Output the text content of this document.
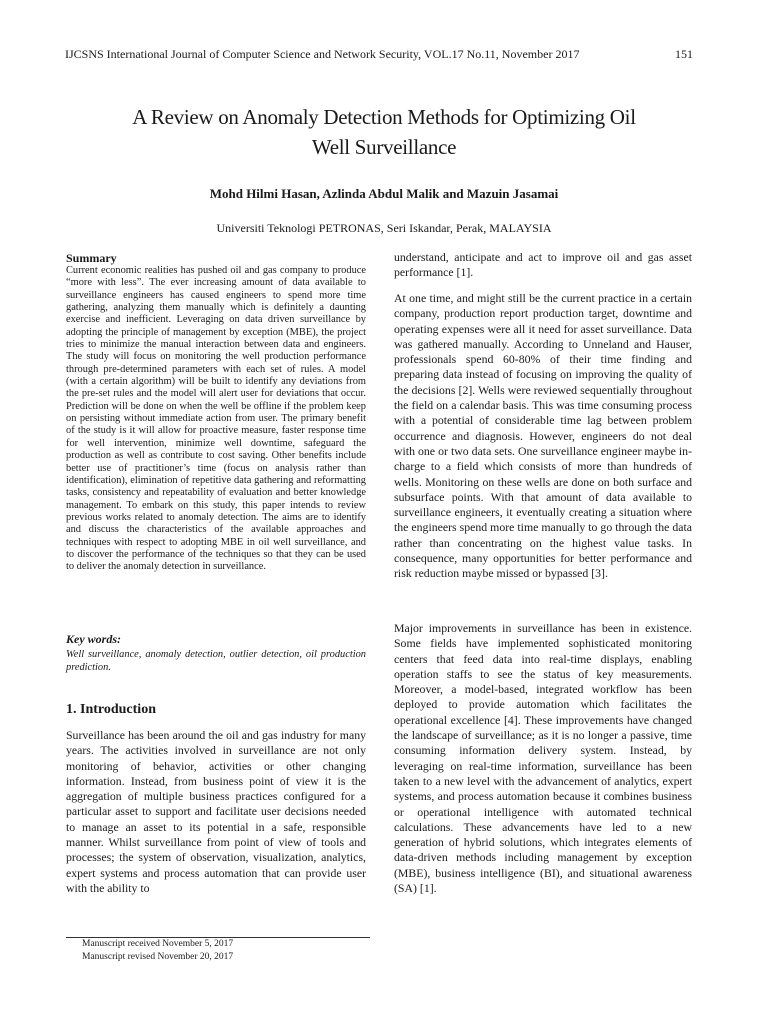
IJCSNS International Journal of Computer Science and Network Security, VOL.17 No.11, November 2017	151
A Review on Anomaly Detection Methods for Optimizing Oil
Well Surveillance
Mohd Hilmi Hasan, Azlinda Abdul Malik and Mazuin Jasamai
Universiti Teknologi PETRONAS, Seri Iskandar, Perak, MALAYSIA
Summary

Current economic realities has pushed oil and gas company to produce “more with less”. The ever increasing amount of data available to surveillance engineers has caused engineers to spend more time gathering, analyzing them manually which is definitely a daunting exercise and inefficient. Leveraging on data driven surveillance by adopting the principle of management by exception (MBE), the project tries to minimize the manual interaction between data and engineers. The study will focus on monitoring the well production performance through pre-determined parameters with each set of rules. A model (with a certain algorithm) will be built to identify any deviations from the pre-set rules and the model will alert user for deviations that occur. Prediction will be done on when the well be offline if the problem keep on persisting without immediate action from user. The primary benefit of the study is it will allow for proactive measure, faster response time for well intervention, minimize well downtime, safeguard the production as well as contribute to cost saving. Other benefits include better use of practitioner’s time (focus on analysis rather than identification), elimination of repetitive data gathering and reformatting tasks, consistency and repeatability of evaluation and better knowledge management. To embark on this study, this paper intends to review previous works related to anomaly detection. The aims are to identify and discuss the characteristics of the available approaches and techniques with respect to adopting MBE in oil well surveillance, and to discover the performance of the techniques so that they can be used to deliver the anomaly detection in surveillance.

Key words:

Well surveillance, anomaly detection, outlier detection, oil production prediction.

1. Introduction

Surveillance has been around the oil and gas industry for many years. The activities involved in surveillance are not only monitoring of behavior, activities or other changing information. Instead, from business point of view it is the aggregation of multiple business practices configured for a particular asset to support and facilitate user decisions needed to manage an asset to its potential in a safe, responsible manner. Whilst surveillance from point of view of tools and processes; the system of observation, visualization, analytics, expert systems and process automation that can provide user with the ability to

Manuscript received November 5, 2017
Manuscript revised November 20, 2017

understand, anticipate and act to improve oil and gas asset performance [1].

At one time, and might still be the current practice in a certain company, production report production target, downtime and operating expenses were all it need for asset surveillance. Data was gathered manually. According to Unneland and Hauser, professionals spend 60-80% of their time finding and preparing data instead of focusing on improving the quality of the decisions [2]. Wells were reviewed sequentially throughout the field on a calendar basis. This was time consuming process with a potential of considerable time lag between problem occurrence and diagnosis. However, engineers do not deal with one or two data sets. One surveillance engineer maybe in-charge to a field which consists of more than hundreds of wells. Monitoring on these wells are done on both surface and subsurface points. With that amount of data available to surveillance engineers, it eventually creating a situation where the engineers spend more time manually to go through the data rather than concentrating on the highest value tasks. In consequence, many opportunities for better performance and risk reduction maybe missed or bypassed [3].

Major improvements in surveillance has been in existence. Some fields have implemented sophisticated monitoring centers that feed data into real-time displays, enabling operation staffs to see the status of key measurements. Moreover, a model-based, integrated workflow has been deployed to provide automation which facilitates the operational excellence [4]. These improvements have changed the landscape of surveillance; as it is no longer a passive, time consuming information delivery system. Instead, by leveraging on real-time information, surveillance has been taken to a new level with the advancement of analytics, expert systems, and process automation because it combines business or operational intelligence with automated technical calculations. These advancements have led to a new generation of hybrid solutions, which integrates elements of data-driven methods including management by exception (MBE), business intelligence (BI), and situational awareness (SA) [1].
